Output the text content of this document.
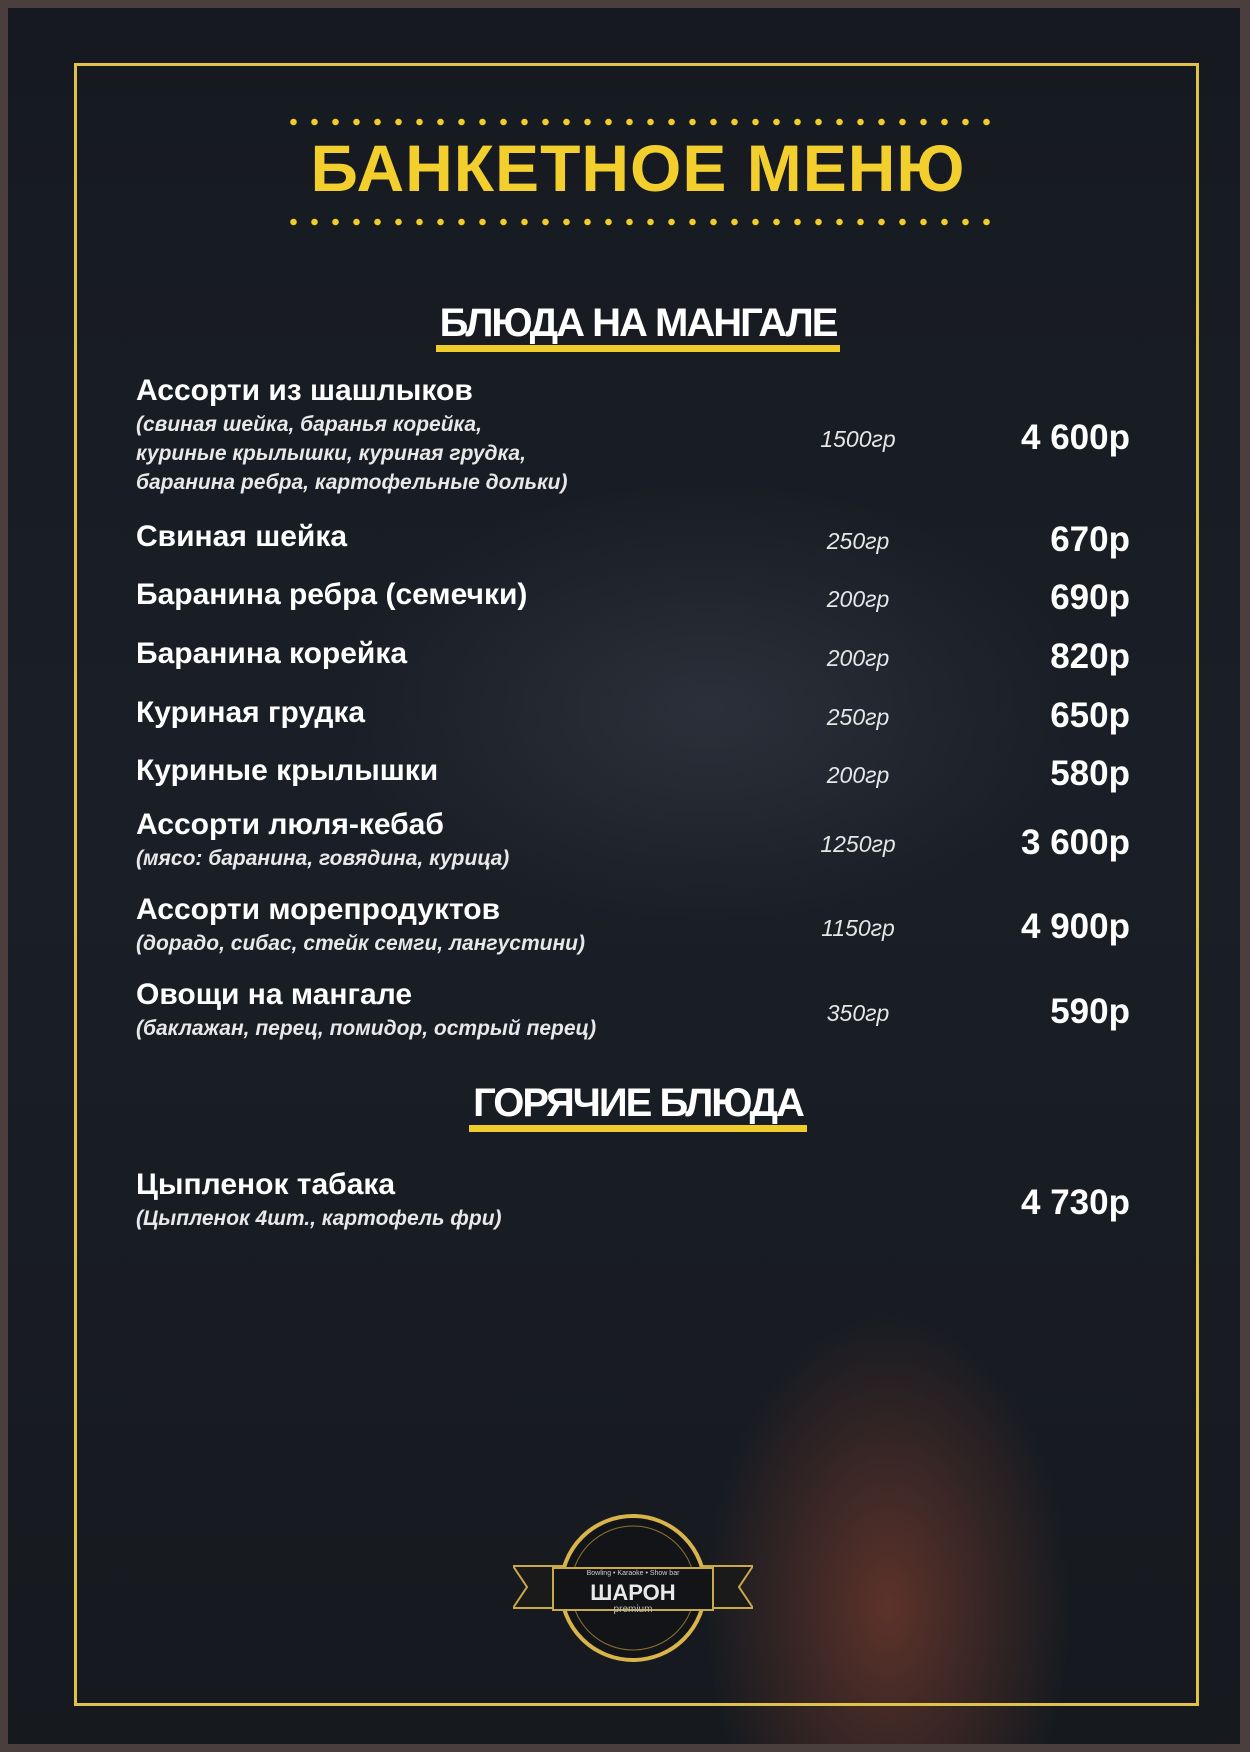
БАНКЕТНОЕ МЕНЮ
БЛЮДА НА МАНГАЛЕ
Ассорти из шашлыков
(свиная шейка, баранья корейка,
куриные крылышки, куриная грудка,
баранина ребра, картофельные дольки)
1500гр	4 600р
Свиная шейка	250гр	670р
Баранина ребра (семечки)	200гр	690р
Баранина корейка	200гр	820р
Куриная грудка	250гр	650р
Куриные крылышки	200гр	580р
Ассорти люля-кебаб
(мясо: баранина, говядина, курица)
1250гр	3 600р
Ассорти морепродуктов
(дорадо, сибас, стейк семги, лангустини)
1150гр	4 900р
Овощи на мангале
(баклажан, перец, помидор, острый перец)
350гр	590р
ГОРЯЧИЕ БЛЮДА
Цыпленок табака
(Цыпленок 4шт., картофель фри)	4 730р
Bowling • Karaoke • Show bar
ШАРОН
premium
